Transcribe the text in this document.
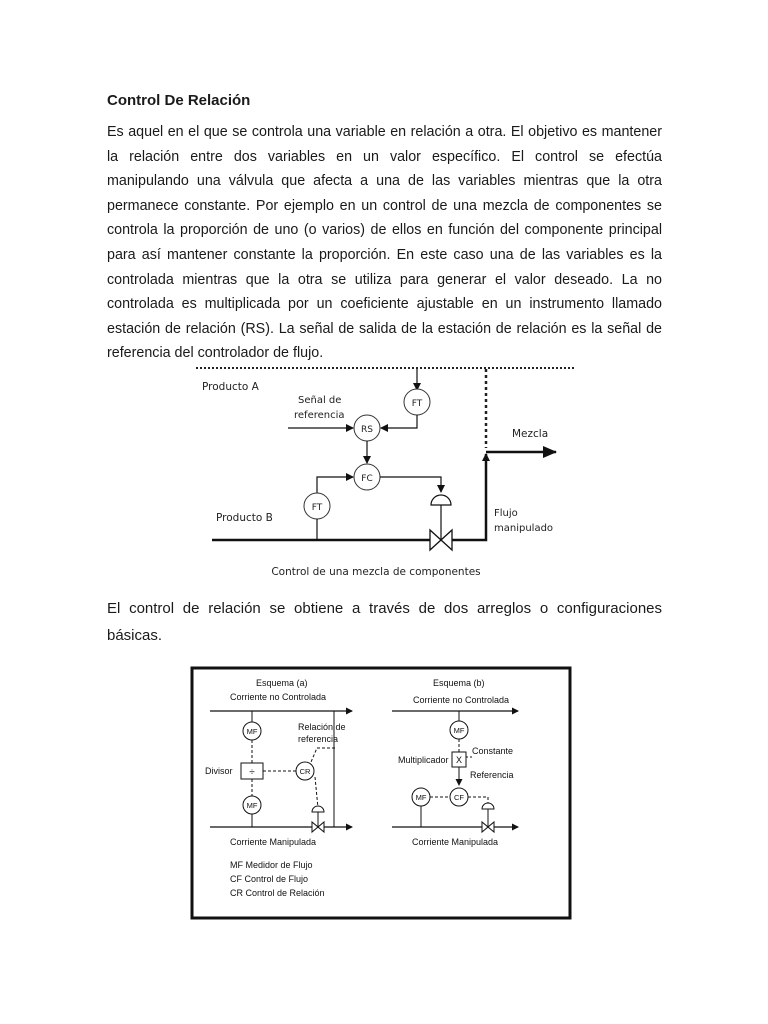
Control De Relación
Es aquel en el que se controla una variable en relación a otra. El objetivo es mantener la relación entre dos variables en un valor específico. El control se efectúa manipulando una válvula que afecta a una de las variables mientras que la otra permanece constante. Por ejemplo en un control de una mezcla de componentes se controla la proporción de uno (o varios) de ellos en función del componente principal para así mantener constante la proporción. En este caso una de las variables es la controlada mientras que la otra se utiliza para generar el valor deseado. La no controlada es multiplicada por un coeficiente ajustable en un instrumento llamado estación de relación (RS). La señal de salida de la estación de relación es la señal de referencia del controlador de flujo.
Producto A
FT
Señal de
referencia
RS
FC
FT
Producto B
Mezcla
Flujo
manipulado
Control de una mezcla de componentes
El control de relación se obtiene a través de dos arreglos o configuraciones básicas.
Esquema (a)
Corriente no Controlada
MF
÷
Divisor
MF
CR
Relación de
referencia
Corriente Manipulada
MF Medidor de Flujo
CF Control de Flujo
CR Control de Relación
Esquema (b)
Corriente no Controlada
MF
X
Multiplicador
Constante
Referencia
CF
MF
Corriente Manipulada
